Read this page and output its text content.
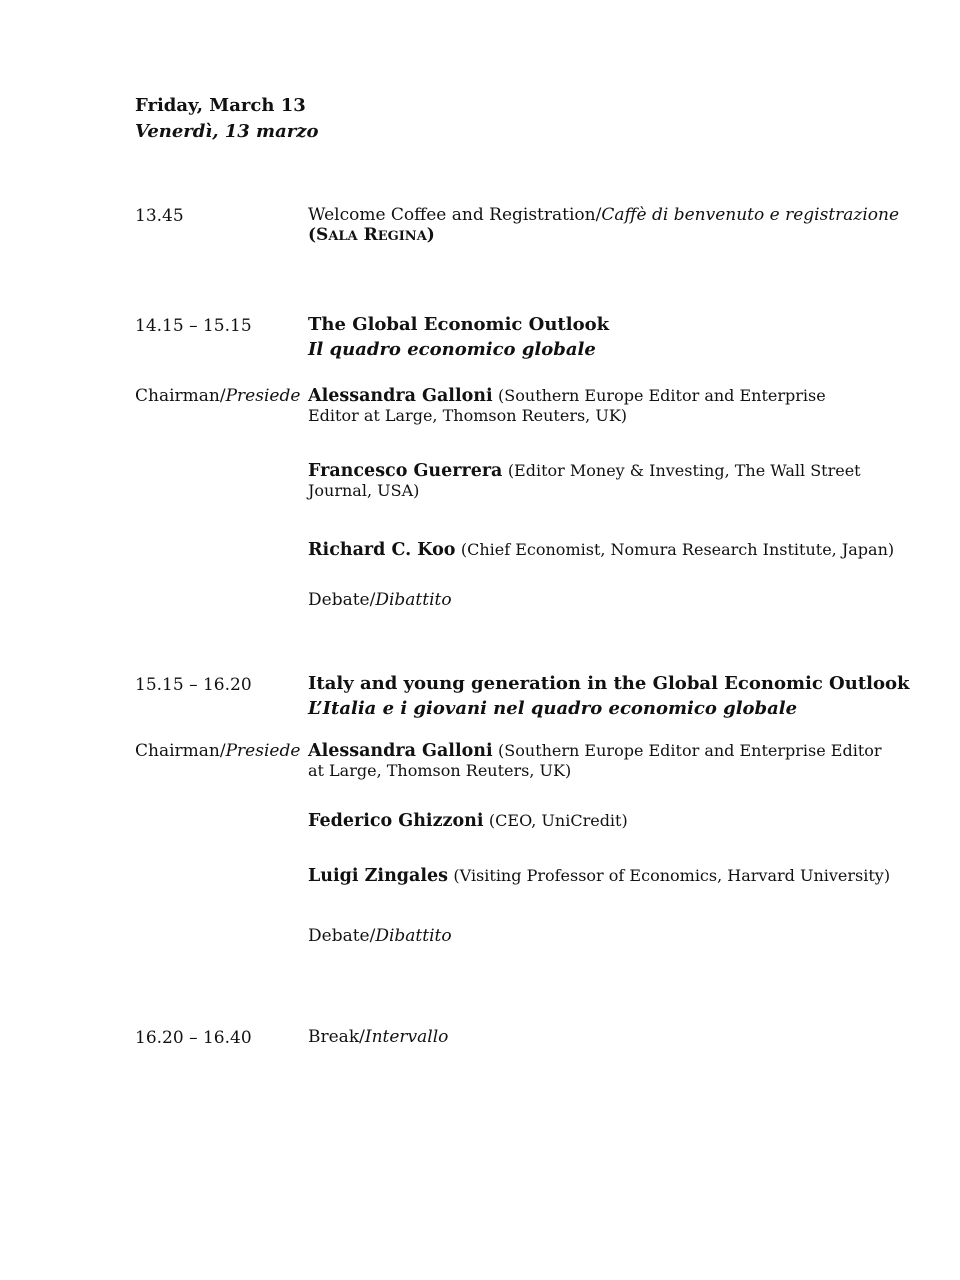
Friday, March 13
Venerdì, 13 marzo
13.45	Welcome Coffee and Registration/Caffè di benvenuto e registrazione
(SALA REGINA)
14.15 – 15.15	The Global Economic Outlook
Il quadro economico globale
Chairman/Presiede Alessandra Galloni (Southern Europe Editor and Enterprise Editor at Large, Thomson Reuters, UK)
Francesco Guerrera (Editor Money & Investing, The Wall Street Journal, USA)
Richard C. Koo (Chief Economist, Nomura Research Institute, Japan)
Debate/Dibattito
15.15 – 16.20	Italy and young generation in the Global Economic Outlook
L’Italia e i giovani nel quadro economico globale
Chairman/Presiede Alessandra Galloni (Southern Europe Editor and Enterprise Editor at Large, Thomson Reuters, UK)
Federico Ghizzoni (CEO, UniCredit)
Luigi Zingales (Visiting Professor of Economics, Harvard University)
Debate/Dibattito
16.20 – 16.40	Break/Intervallo
